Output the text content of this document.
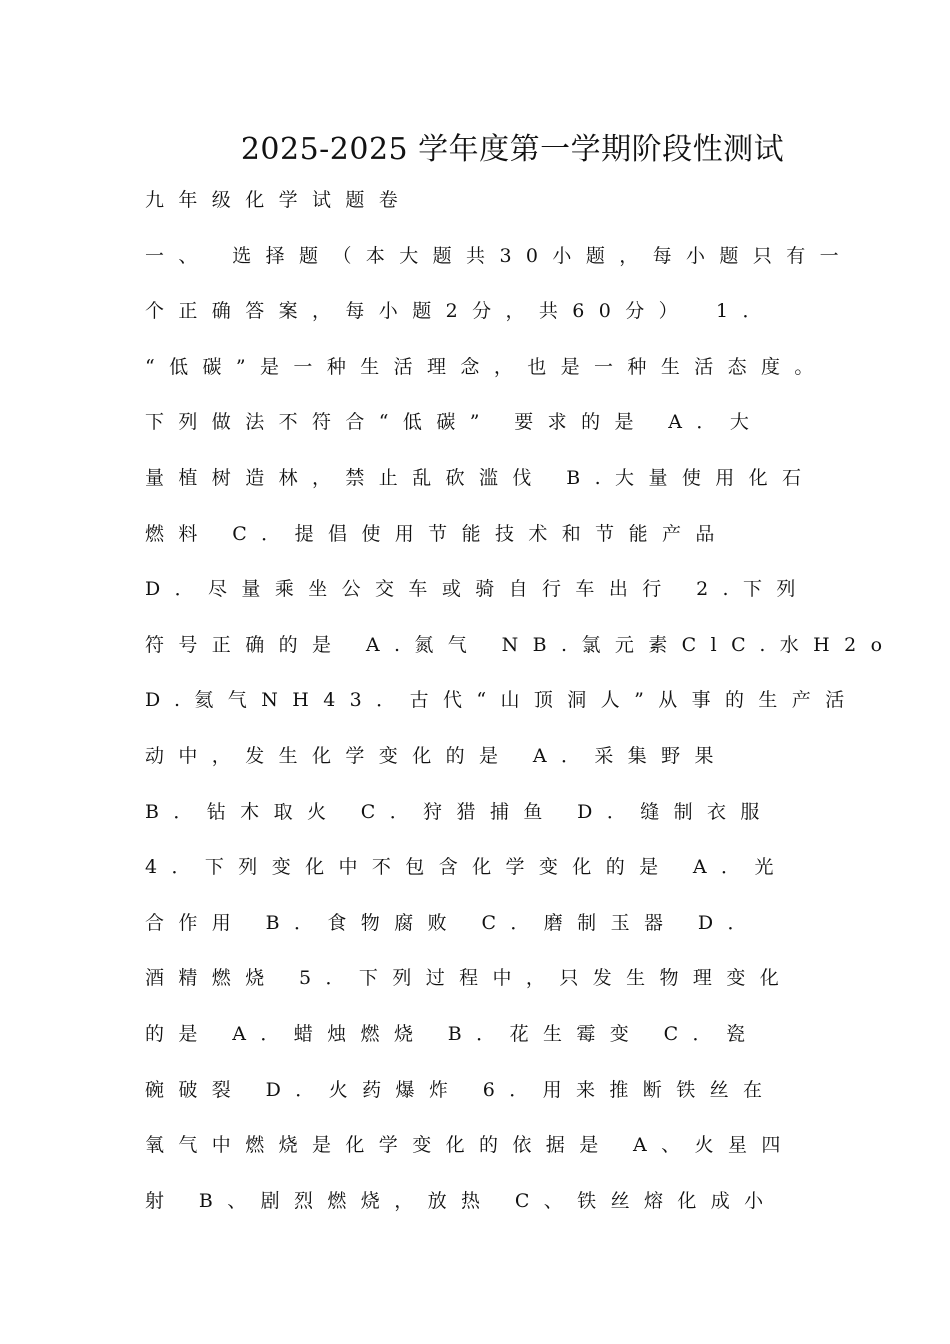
2025-2025 学年度第一学期阶段性测试
九年级化学试题卷
一、 选择题（本大题共30小题，每小题只有一
个正确答案，每小题2分，共60分）　1．
“低碳”是一种生活理念，也是一种生活态度。
下列做法不符合“低碳” 要求的是 A．大
量植树造林，禁止乱砍滥伐 B.大量使用化石
燃料 C．提倡使用节能技术和节能产品
D．尽量乘坐公交车或骑自行车出行 2.下列
符号正确的是 A.氮气 NB.氯元素ClC.水H2o
D.氦气NH43．古代“山顶洞人”从事的生产活
动中，发生化学变化的是 A．采集野果
B．钻木取火 C．狩猎捕鱼 D．缝制衣服
4．下列变化中不包含化学变化的是 A．光
合作用 B．食物腐败 C．磨制玉器 D．
酒精燃烧 5．下列过程中，只发生物理变化
的是 A．蜡烛燃烧 B．花生霉变 C．瓷
碗破裂 D．火药爆炸 6．用来推断铁丝在
氧气中燃烧是化学变化的依据是 A、火星四
射 B、剧烈燃烧，放热 C、铁丝熔化成小
